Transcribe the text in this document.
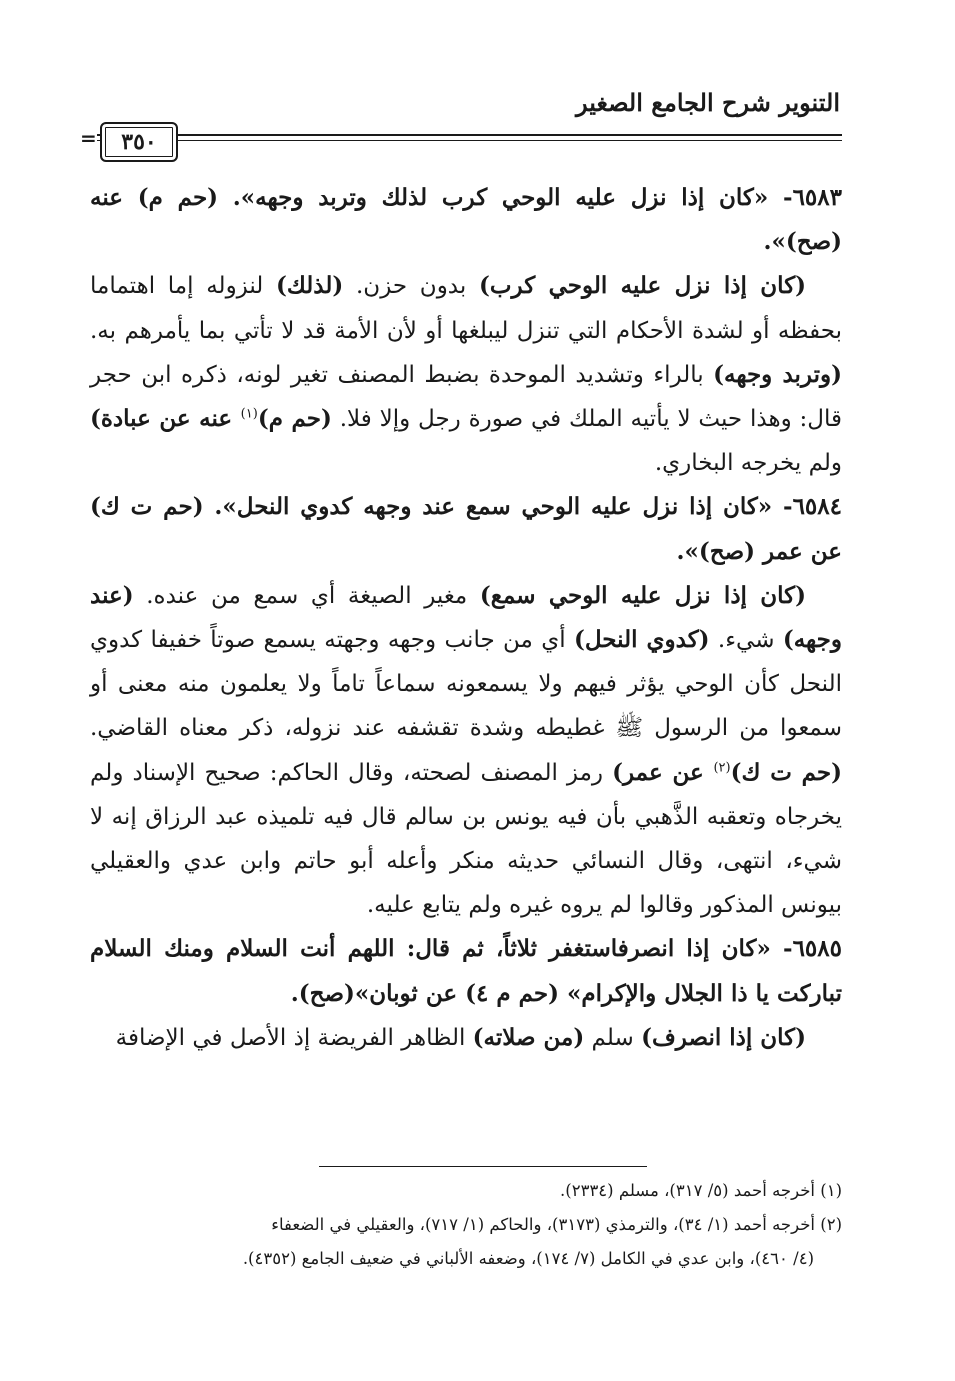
التنوير شرح الجامع الصغير
=	٣٥٠

٦٥٨٣- «كان إذا نزل عليه الوحي كرب لذلك وتربد وجهه». (حم م) عنه (صح)».

(كان إذا نزل عليه الوحي كرب) بدون حزن. (لذلك) لنزوله إما اهتماما بحفظه أو لشدة الأحكام التي تنزل ليبلغها أو لأن الأمة قد لا تأتي بما يأمرهم به. (وتربد وجهه) بالراء وتشديد الموحدة بضبط المصنف تغير لونه، ذكره ابن حجر قال: وهذا حيث لا يأتيه الملك في صورة رجل وإلا فلا. (حم م)$^{(١)}$ عنه عن عبادة) ولم يخرجه البخاري.

٦٥٨٤- «كان إذا نزل عليه الوحي سمع عند وجهه كدوي النحل». (حم ت ك) عن عمر (صح)».

(كان إذا نزل عليه الوحي سمع) مغير الصيغة أي سمع من عنده. (عند وجهه) شيء. (كدوي النحل) أي من جانب وجهه وجهته يسمع صوتاً خفيفا كدوي النحل كأن الوحي يؤثر فيهم ولا يسمعونه سماعاً تاماً ولا يعلمون منه معنى أو سمعوا من الرسول ﷺ غطيطه وشدة تقشفه عند نزوله، ذكر معناه القاضي. (حم ت ك)$^{(٢)}$ عن عمر) رمز المصنف لصحته، وقال الحاكم: صحيح الإسناد ولم يخرجاه وتعقبه الذَّهبي بأن فيه يونس بن سالم قال فيه تلميذه عبد الرزاق إنه لا شيء، انتهى، وقال النسائي حديثه منكر وأعله أبو حاتم وابن عدي والعقيلي بيونس المذكور وقالوا لم يروه غيره ولم يتابع عليه.

٦٥٨٥- «كان إذا انصرفاستغفر ثلاثاً، ثم قال: اللهم أنت السلام ومنك السلام تباركت يا ذا الجلال والإكرام» (حم م ٤) عن ثوبان»(صح).

(كان إذا انصرف) سلم (من صلاته) الظاهر الفريضة إذ الأصل في الإضافة

(١) أخرجه أحمد (٥/ ٣١٧)، مسلم (٢٣٣٤).

(٢) أخرجه أحمد (١/ ٣٤)، والترمذي (٣١٧٣)، والحاكم (١/ ٧١٧)، والعقيلي في الضعفاء

(٤/ ٤٦٠)، وابن عدي في الكامل (٧/ ١٧٤)، وضعفه الألباني في ضعيف الجامع (٤٣٥٢).
